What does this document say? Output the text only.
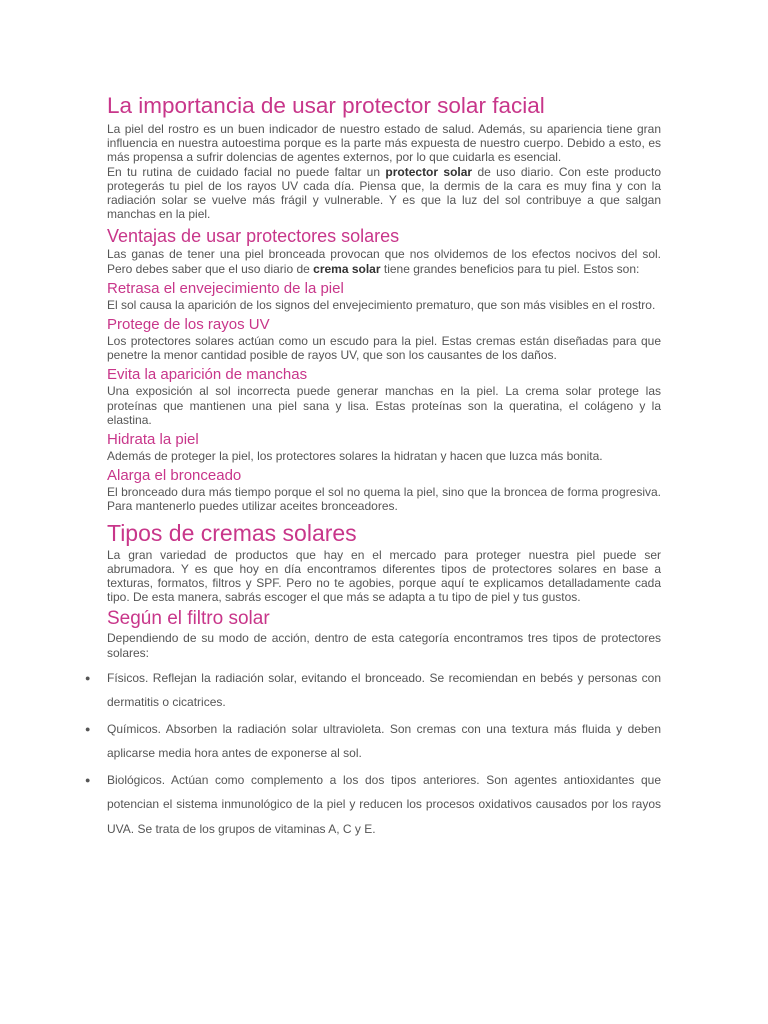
La importancia de usar protector solar facial

La piel del rostro es un buen indicador de nuestro estado de salud. Además, su apariencia tiene gran influencia en nuestra autoestima porque es la parte más expuesta de nuestro cuerpo. Debido a esto, es más propensa a sufrir dolencias de agentes externos, por lo que cuidarla es esencial.

En tu rutina de cuidado facial no puede faltar un protector solar de uso diario. Con este producto protegerás tu piel de los rayos UV cada día. Piensa que, la dermis de la cara es muy fina y con la radiación solar se vuelve más frágil y vulnerable. Y es que la luz del sol contribuye a que salgan manchas en la piel.

Ventajas de usar protectores solares

Las ganas de tener una piel bronceada provocan que nos olvidemos de los efectos nocivos del sol. Pero debes saber que el uso diario de crema solar tiene grandes beneficios para tu piel. Estos son:

Retrasa el envejecimiento de la piel

El sol causa la aparición de los signos del envejecimiento prematuro, que son más visibles en el rostro.

Protege de los rayos UV

Los protectores solares actúan como un escudo para la piel. Estas cremas están diseñadas para que penetre la menor cantidad posible de rayos UV, que son los causantes de los daños.

Evita la aparición de manchas

Una exposición al sol incorrecta puede generar manchas en la piel. La crema solar protege las proteínas que mantienen una piel sana y lisa. Estas proteínas son la queratina, el colágeno y la elastina.

Hidrata la piel

Además de proteger la piel, los protectores solares la hidratan y hacen que luzca más bonita.

Alarga el bronceado

El bronceado dura más tiempo porque el sol no quema la piel, sino que la broncea de forma progresiva. Para mantenerlo puedes utilizar aceites bronceadores.

Tipos de cremas solares

La gran variedad de productos que hay en el mercado para proteger nuestra piel puede ser abrumadora. Y es que hoy en día encontramos diferentes tipos de protectores solares en base a texturas, formatos, filtros y SPF. Pero no te agobies, porque aquí te explicamos detalladamente cada tipo. De esta manera, sabrás escoger el que más se adapta a tu tipo de piel y tus gustos.

Según el filtro solar

Dependiendo de su modo de acción, dentro de esta categoría encontramos tres tipos de protectores solares:

● Físicos. Reflejan la radiación solar, evitando el bronceado. Se recomiendan en bebés y personas con dermatitis o cicatrices.
● Químicos. Absorben la radiación solar ultravioleta. Son cremas con una textura más fluida y deben aplicarse media hora antes de exponerse al sol.
● Biológicos. Actúan como complemento a los dos tipos anteriores. Son agentes antioxidantes que potencian el sistema inmunológico de la piel y reducen los procesos oxidativos causados por los rayos UVA. Se trata de los grupos de vitaminas A, C y E.
